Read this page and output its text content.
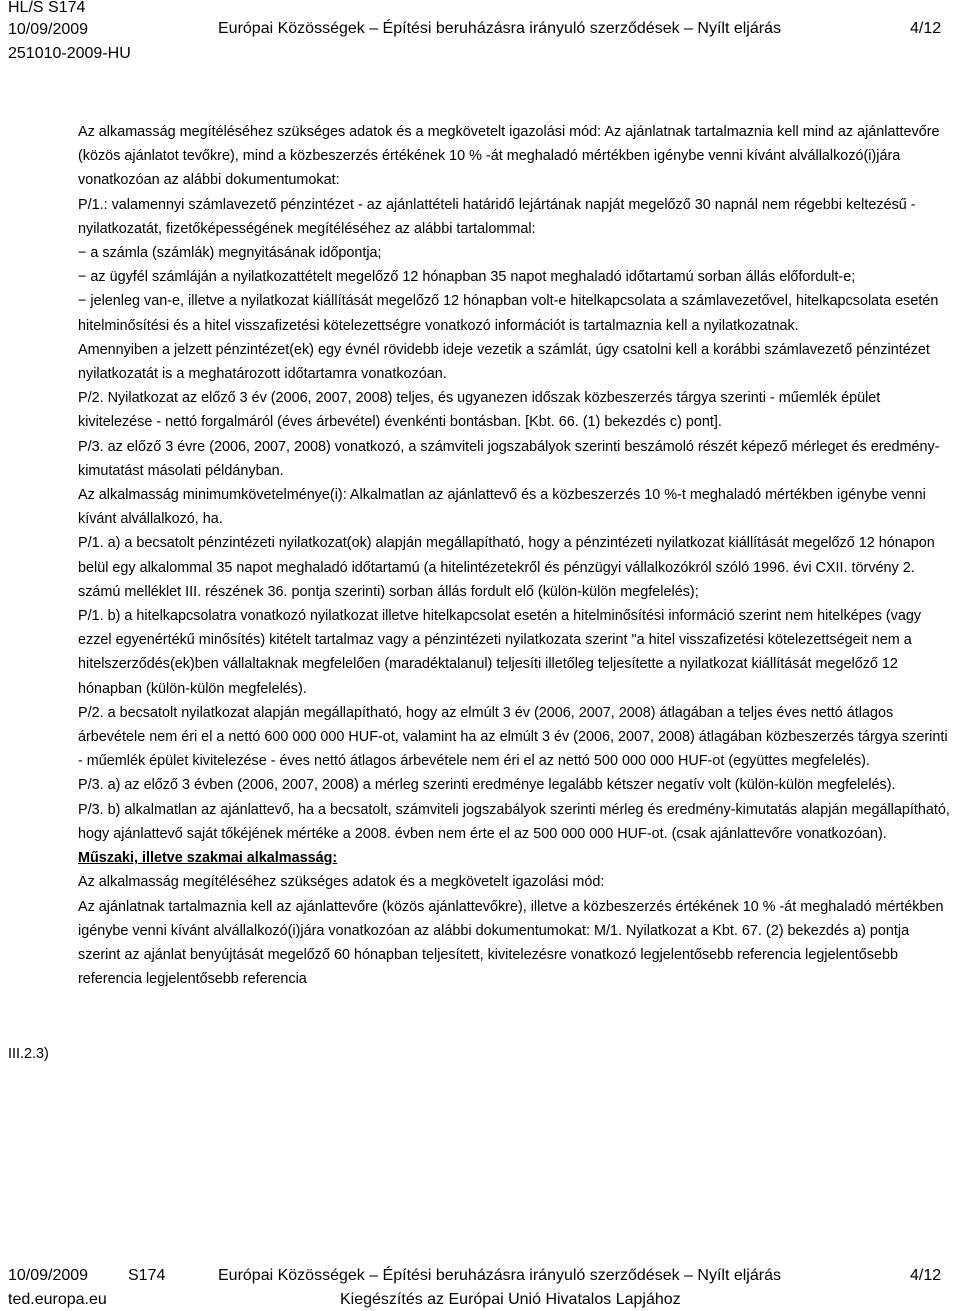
HL/S S174
10/09/2009
251010-2009-HU
Európai Közösségek – Építési beruházásra irányuló szerződések – Nyílt eljárás	4/12

Az alkamasság megítéléséhez szükséges adatok és a megkövetelt igazolási mód: Az ajánlatnak tartalmaznia kell mind az ajánlattevőre (közös ajánlatot tevőkre), mind a közbeszerzés értékének 10 % -át meghaladó mértékben igénybe venni kívánt alvállalkozó(i)jára vonatkozóan az alábbi dokumentumokat:

P/1.: valamennyi számlavezető pénzintézet - az ajánlattételi határidő lejártának napját megelőző 30 napnál nem régebbi keltezésű - nyilatkozatát, fizetőképességének megítéléséhez az alábbi tartalommal:

− a számla (számlák) megnyitásának időpontja;

− az ügyfél számláján a nyilatkozattételt megelőző 12 hónapban 35 napot meghaladó időtartamú sorban állás előfordult-e;

− jelenleg van-e, illetve a nyilatkozat kiállítását megelőző 12 hónapban volt-e hitelkapcsolata a számlavezetővel, hitelkapcsolata esetén hitelminősítési és a hitel visszafizetési kötelezettségre vonatkozó információt is tartalmaznia kell a nyilatkozatnak.

Amennyiben a jelzett pénzintézet(ek) egy évnél rövidebb ideje vezetik a számlát, úgy csatolni kell a korábbi számlavezető pénzintézet nyilatkozatát is a meghatározott időtartamra vonatkozóan.

P/2. Nyilatkozat az előző 3 év (2006, 2007, 2008) teljes, és ugyanezen időszak közbeszerzés tárgya szerinti - műemlék épület kivitelezése - nettó forgalmáról (éves árbevétel) évenkénti bontásban. [Kbt. 66. (1) bekezdés c) pont].

P/3. az előző 3 évre (2006, 2007, 2008) vonatkozó, a számviteli jogszabályok szerinti beszámoló részét képező mérleget és eredmény-kimutatást másolati példányban.

Az alkalmasság minimumkövetelménye(i): Alkalmatlan az ajánlattevő és a közbeszerzés 10 %-t meghaladó mértékben igénybe venni kívánt alvállalkozó, ha.

P/1. a) a becsatolt pénzintézeti nyilatkozat(ok) alapján megállapítható, hogy a pénzintézeti nyilatkozat kiállítását megelőző 12 hónapon belül egy alkalommal 35 napot meghaladó időtartamú (a hitelintézetekről és pénzügyi vállalkozókról szóló 1996. évi CXII. törvény 2. számú melléklet III. részének 36. pontja szerinti) sorban állás fordult elő (külön-külön megfelelés);

P/1. b) a hitelkapcsolatra vonatkozó nyilatkozat illetve hitelkapcsolat esetén a hitelminősítési információ szerint nem hitelképes (vagy ezzel egyenértékű minősítés) kitételt tartalmaz vagy a pénzintézeti nyilatkozata szerint "a hitel visszafizetési kötelezettségeit nem a hitelszerződés(ek)ben vállaltaknak megfelelően (maradéktalanul) teljesíti illetőleg teljesítette a nyilatkozat kiállítását megelőző 12 hónapban (külön-külön megfelelés).

P/2. a becsatolt nyilatkozat alapján megállapítható, hogy az elmúlt 3 év (2006, 2007, 2008) átlagában a teljes éves nettó átlagos árbevétele nem éri el a nettó 600 000 000 HUF-ot, valamint ha az elmúlt 3 év (2006, 2007, 2008) átlagában közbeszerzés tárgya szerinti - műemlék épület kivitelezése - éves nettó átlagos árbevétele nem éri el az nettó 500 000 000 HUF-ot (együttes megfelelés).

P/3. a) az előző 3 évben (2006, 2007, 2008) a mérleg szerinti eredménye legalább kétszer negatív volt (külön-külön megfelelés).

P/3. b) alkalmatlan az ajánlattevő, ha a becsatolt, számviteli jogszabályok szerinti mérleg és eredmény-kimutatás alapján megállapítható, hogy ajánlattevő saját tőkéjének mértéke a 2008. évben nem érte el az 500 000 000 HUF-ot. (csak ajánlattevőre vonatkozóan).

Műszaki, illetve szakmai alkalmasság:

Az alkalmasság megítéléséhez szükséges adatok és a megkövetelt igazolási mód:

Az ajánlatnak tartalmaznia kell az ajánlattevőre (közös ajánlattevőkre), illetve a közbeszerzés értékének 10 % -át meghaladó mértékben igénybe venni kívánt alvállalkozó(i)jára vonatkozóan az alábbi dokumentumokat: M/1. Nyilatkozat a Kbt. 67. (2) bekezdés a) pontja szerint az ajánlat benyújtását megelőző 60 hónapban teljesített, kivitelezésre vonatkozó legjelentősebb referencia legjelentősebb referencia legjelentősebb referencia

III.2.3)
10/09/2009 S174	Európai Közösségek – Építési beruházásra irányuló szerződések – Nyílt eljárás	4/12
ted.europa.eu	Kiegészítés az Európai Unió Hivatalos Lapjához
